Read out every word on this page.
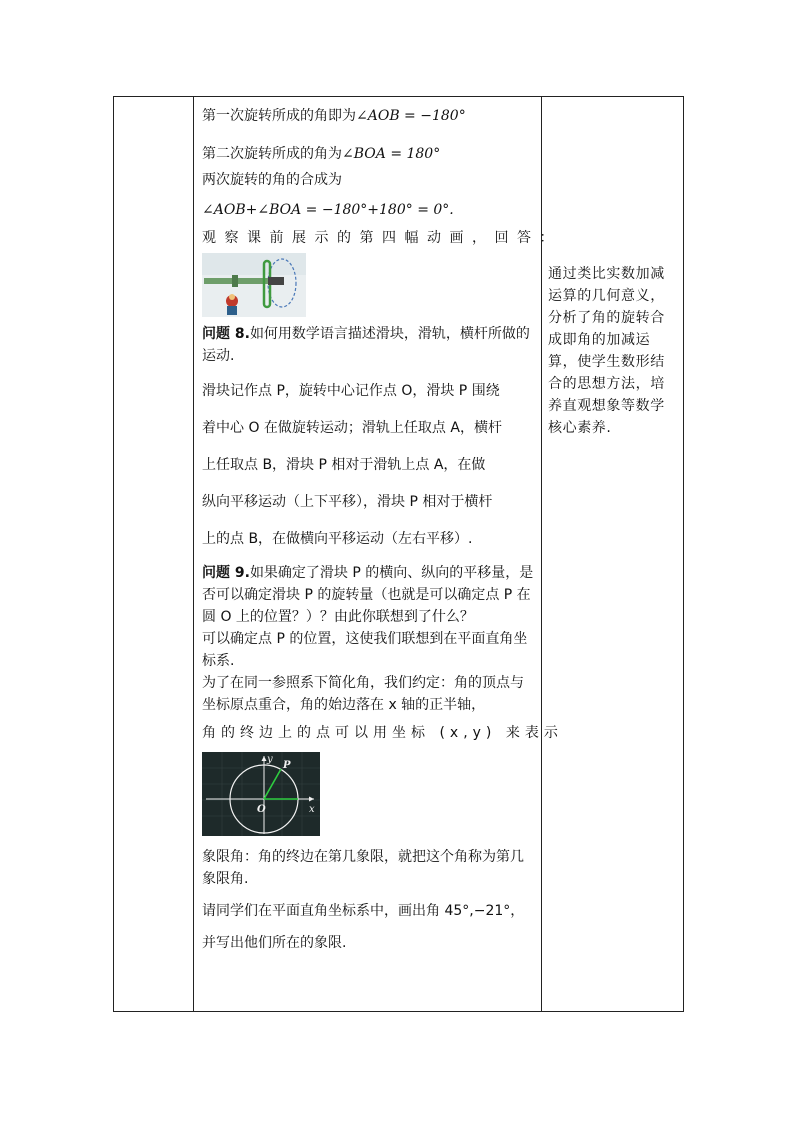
第一次旋转所成的角即为∠AOB = −180°

第二次旋转所成的角为∠BOA = 180°

两次旋转的角的合成为

∠AOB+∠BOA = −180°+180° = 0°.

观察课前展示的第四幅动画，回答：

问题 8.如何用数学语言描述滑块，滑轨，横杆所做的运动.

滑块记作点 P，旋转中心记作点 O，滑块 P 围绕
着中心 O 在做旋转运动；滑轨上任取点 A，横杆
上任取点 B，滑块 P 相对于滑轨上点 A，在做
纵向平移运动（上下平移），滑块 P 相对于横杆
上的点 B，在做横向平移运动（左右平移）.

问题 9.如果确定了滑块 P 的横向、纵向的平移量，是否可以确定滑块 P 的旋转量（也就是可以确定点 P 在圆 O 上的位置？）？由此你联想到了什么？

可以确定点 P 的位置，这使我们联想到在平面直角坐标系.

为了在同一参照系下简化角，我们约定：角的顶点与坐标原点重合，角的始边落在 x 轴的正半轴，

角的终边上的点可以用坐标 (x,y) 来表示

y
P
O	x

象限角：角的终边在第几象限，就把这个角称为第几象限角.

请同学们在平面直角坐标系中，画出角 45°,−21°，

并写出他们所在的象限.

通过类比实数加减运算的几何意义，分析了角的旋转合成即角的加减运算，使学生数形结合的思想方法，培养直观想象等数学核心素养.
